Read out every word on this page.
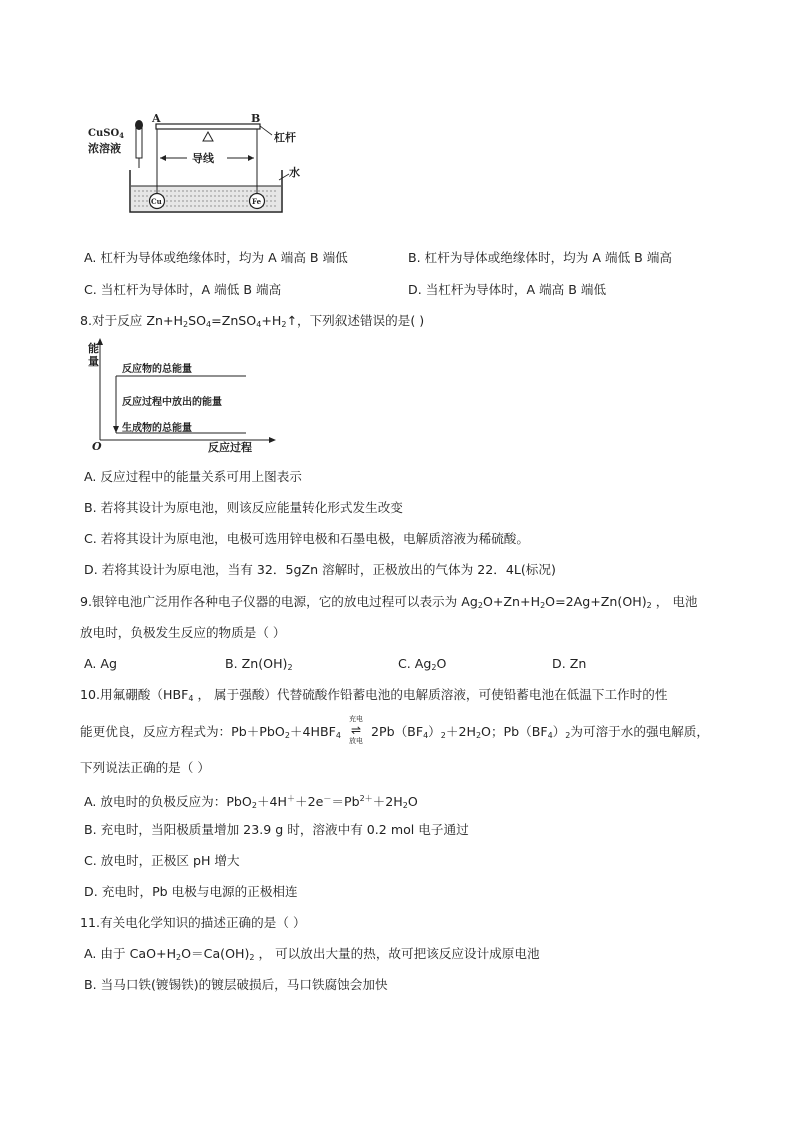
A	B
CuSO$_4$
浓溶液
杠杆
导线
水
Cu	Fe
A. 杠杆为导体或绝缘体时，均为 A 端高 B 端低	B. 杠杆为导体或绝缘体时，均为 A 端低 B 端高
C. 当杠杆为导体时，A 端低 B 端高	D. 当杠杆为导体时，A 端高 B 端低
8.对于反应 $Zn+H_2SO_4=ZnSO_4+H_2↑$，下列叙述错误的是( )
能
量
反应物的总能量
反应过程中放出的能量
生成物的总能量
O	反应过程
A. 反应过程中的能量关系可用上图表示
B. 若将其设计为原电池，则该反应能量转化形式发生改变
C. 若将其设计为原电池，电极可选用锌电极和石墨电极，电解质溶液为稀硫酸。
D. 若将其设计为原电池，当有 32．5gZn 溶解时，正极放出的气体为 22．4L(标况)
9.银锌电池广泛用作各种电子仪器的电源，它的放电过程可以表示为 $Ag_2O+Zn+H_2O=2Ag+Zn(OH)_2$ ， 电池
放电时，负极发生反应的物质是（ ）
A. Ag	B. $Zn(OH)_2$	C. $Ag_2O$	D. Zn
10.用氟硼酸（$HBF_4$ ， 属于强酸）代替硫酸作铅蓄电池的电解质溶液，可使铅蓄电池在低温下工作时的性
能更优良，反应方程式为：$Pb+PbO_2+4HBF_4$
充电
⇌
放电
$2Pb(BF_4)_2+2H_2O$；$Pb(BF_4)_2$为可溶于水的强电解质，
下列说法正确的是（ ）
A. 放电时的负极反应为：$PbO_2+4H^++2e^-=Pb^{2+}+2H_2O$
B. 充电时，当阳极质量增加 23.9 g 时，溶液中有 0.2 mol 电子通过
C. 放电时，正极区 pH 增大
D. 充电时，Pb 电极与电源的正极相连
11.有关电化学知识的描述正确的是（ ）
A. 由于 $CaO+H_2O=Ca(OH)_2$ ， 可以放出大量的热，故可把该反应设计成原电池
B. 当马口铁(镀锡铁)的镀层破损后，马口铁腐蚀会加快
